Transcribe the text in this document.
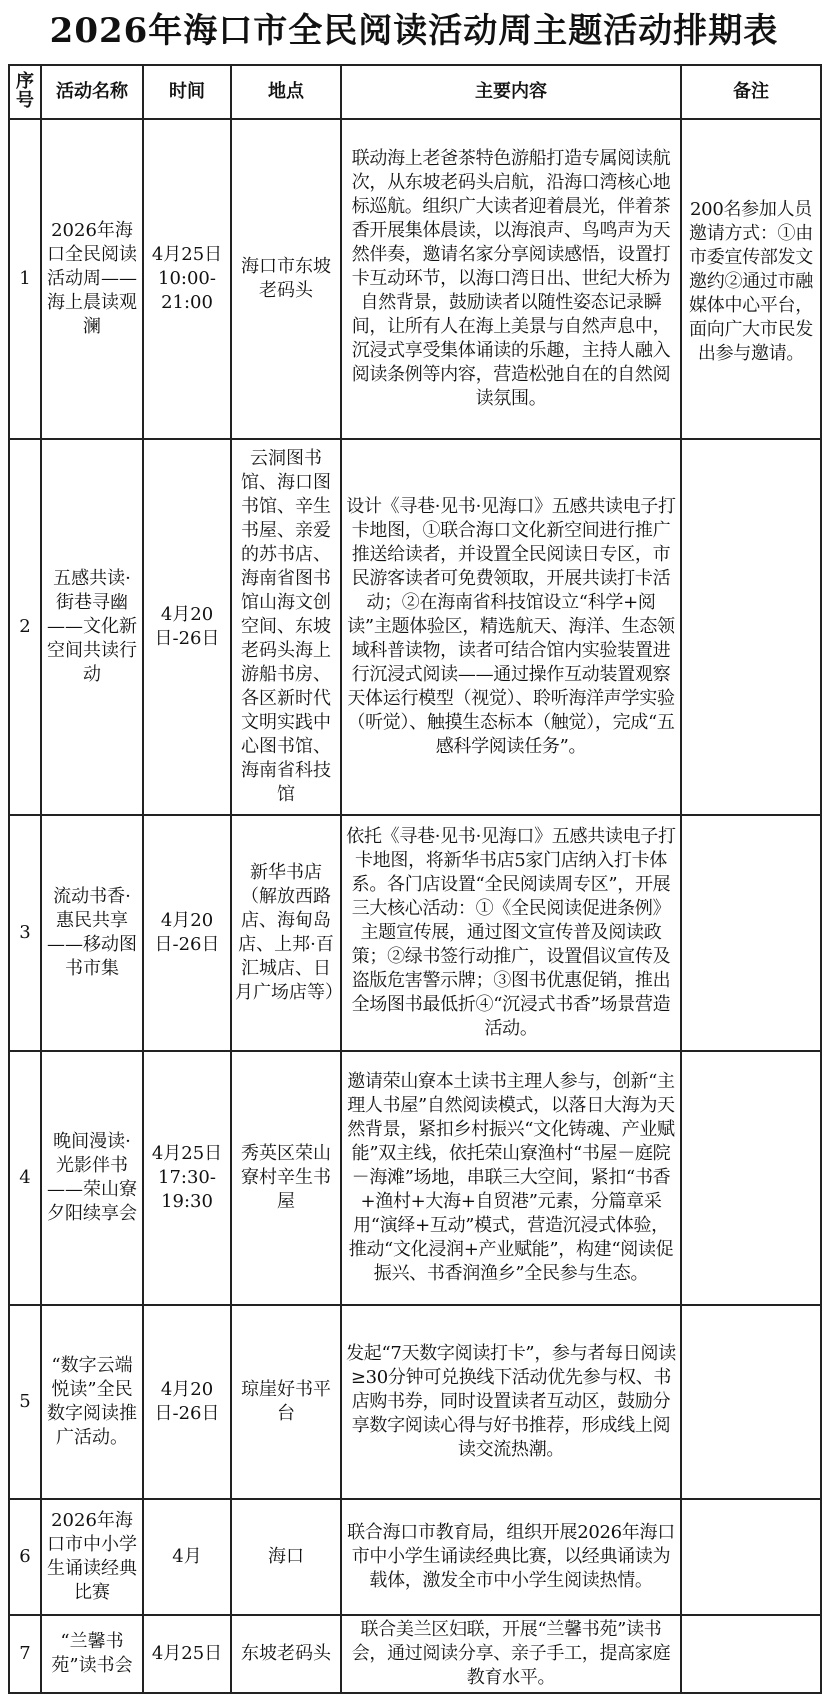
2026年海口市全民阅读活动周主题活动排期表
序号	活动名称	时间	地点	主要内容	备注
1	2026年海口全民阅读活动周——海上晨读观澜	4月25日 10:00-21:00	海口市东坡老码头	联动海上老爸茶特色游船打造专属阅读航次，从东坡老码头启航，沿海口湾核心地标巡航。组织广大读者迎着晨光，伴着茶香开展集体晨读，以海浪声、鸟鸣声为天然伴奏，邀请名家分享阅读感悟，设置打卡互动环节，以海口湾日出、世纪大桥为自然背景，鼓励读者以随性姿态记录瞬间，让所有人在海上美景与自然声息中，沉浸式享受集体诵读的乐趣，主持人融入阅读条例等内容，营造松弛自在的自然阅读氛围。	200名参加人员邀请方式：①由市委宣传部发文邀约②通过市融媒体中心平台，面向广大市民发出参与邀请。
2	五感共读·街巷寻幽——文化新空间共读行动	4月20日-26日	云洞图书馆、海口图书馆、辛生书屋、亲爱的苏书店、海南省图书馆山海文创空间、东坡老码头海上游船书房、各区新时代文明实践中心图书馆、海南省科技馆	设计《寻巷·见书·见海口》五感共读电子打卡地图，①联合海口文化新空间进行推广推送给读者，并设置全民阅读日专区，市民游客读者可免费领取，开展共读打卡活动；②在海南省科技馆设立“科学+阅读”主题体验区，精选航天、海洋、生态领域科普读物，读者可结合馆内实验装置进行沉浸式阅读——通过操作互动装置观察天体运行模型（视觉）、聆听海洋声学实验（听觉）、触摸生态标本（触觉），完成“五感科学阅读任务”。	
3	流动书香·惠民共享——移动图书市集	4月20日-26日	新华书店（解放西路店、海甸岛店、上邦·百汇城店、日月广场店等）	依托《寻巷·见书·见海口》五感共读电子打卡地图，将新华书店5家门店纳入打卡体系。各门店设置“全民阅读周专区”，开展三大核心活动：①《全民阅读促进条例》主题宣传展，通过图文宣传普及阅读政策；②绿书签行动推广，设置倡议宣传及盗版危害警示牌；③图书优惠促销，推出全场图书最低折④“沉浸式书香”场景营造活动。	
4	晚间漫读·光影伴书——荣山寮夕阳续享会	4月25日 17:30-19:30	秀英区荣山寮村辛生书屋	邀请荣山寮本土读书主理人参与，创新“主理人书屋”自然阅读模式，以落日大海为天然背景，紧扣乡村振兴“文化铸魂、产业赋能”双主线，依托荣山寮渔村“书屋－庭院－海滩”场地，串联三大空间，紧扣“书香+渔村+大海+自贸港”元素，分篇章采用“演绎+互动”模式，营造沉浸式体验，推动“文化浸润+产业赋能”，构建“阅读促振兴、书香润渔乡”全民参与生态。	
5	“数字云端悦读”全民数字阅读推广活动。	4月20日-26日	琼崖好书平台	发起“7天数字阅读打卡”，参与者每日阅读≥30分钟可兑换线下活动优先参与权、书店购书券，同时设置读者互动区，鼓励分享数字阅读心得与好书推荐，形成线上阅读交流热潮。	
6	2026年海口市中小学生诵读经典比赛	4月	海口	联合海口市教育局，组织开展2026年海口市中小学生诵读经典比赛，以经典诵读为载体，激发全市中小学生阅读热情。	
7	“兰馨书苑”读书会	4月25日	东坡老码头	联合美兰区妇联，开展“兰馨书苑”读书会，通过阅读分享、亲子手工，提高家庭教育水平。	
